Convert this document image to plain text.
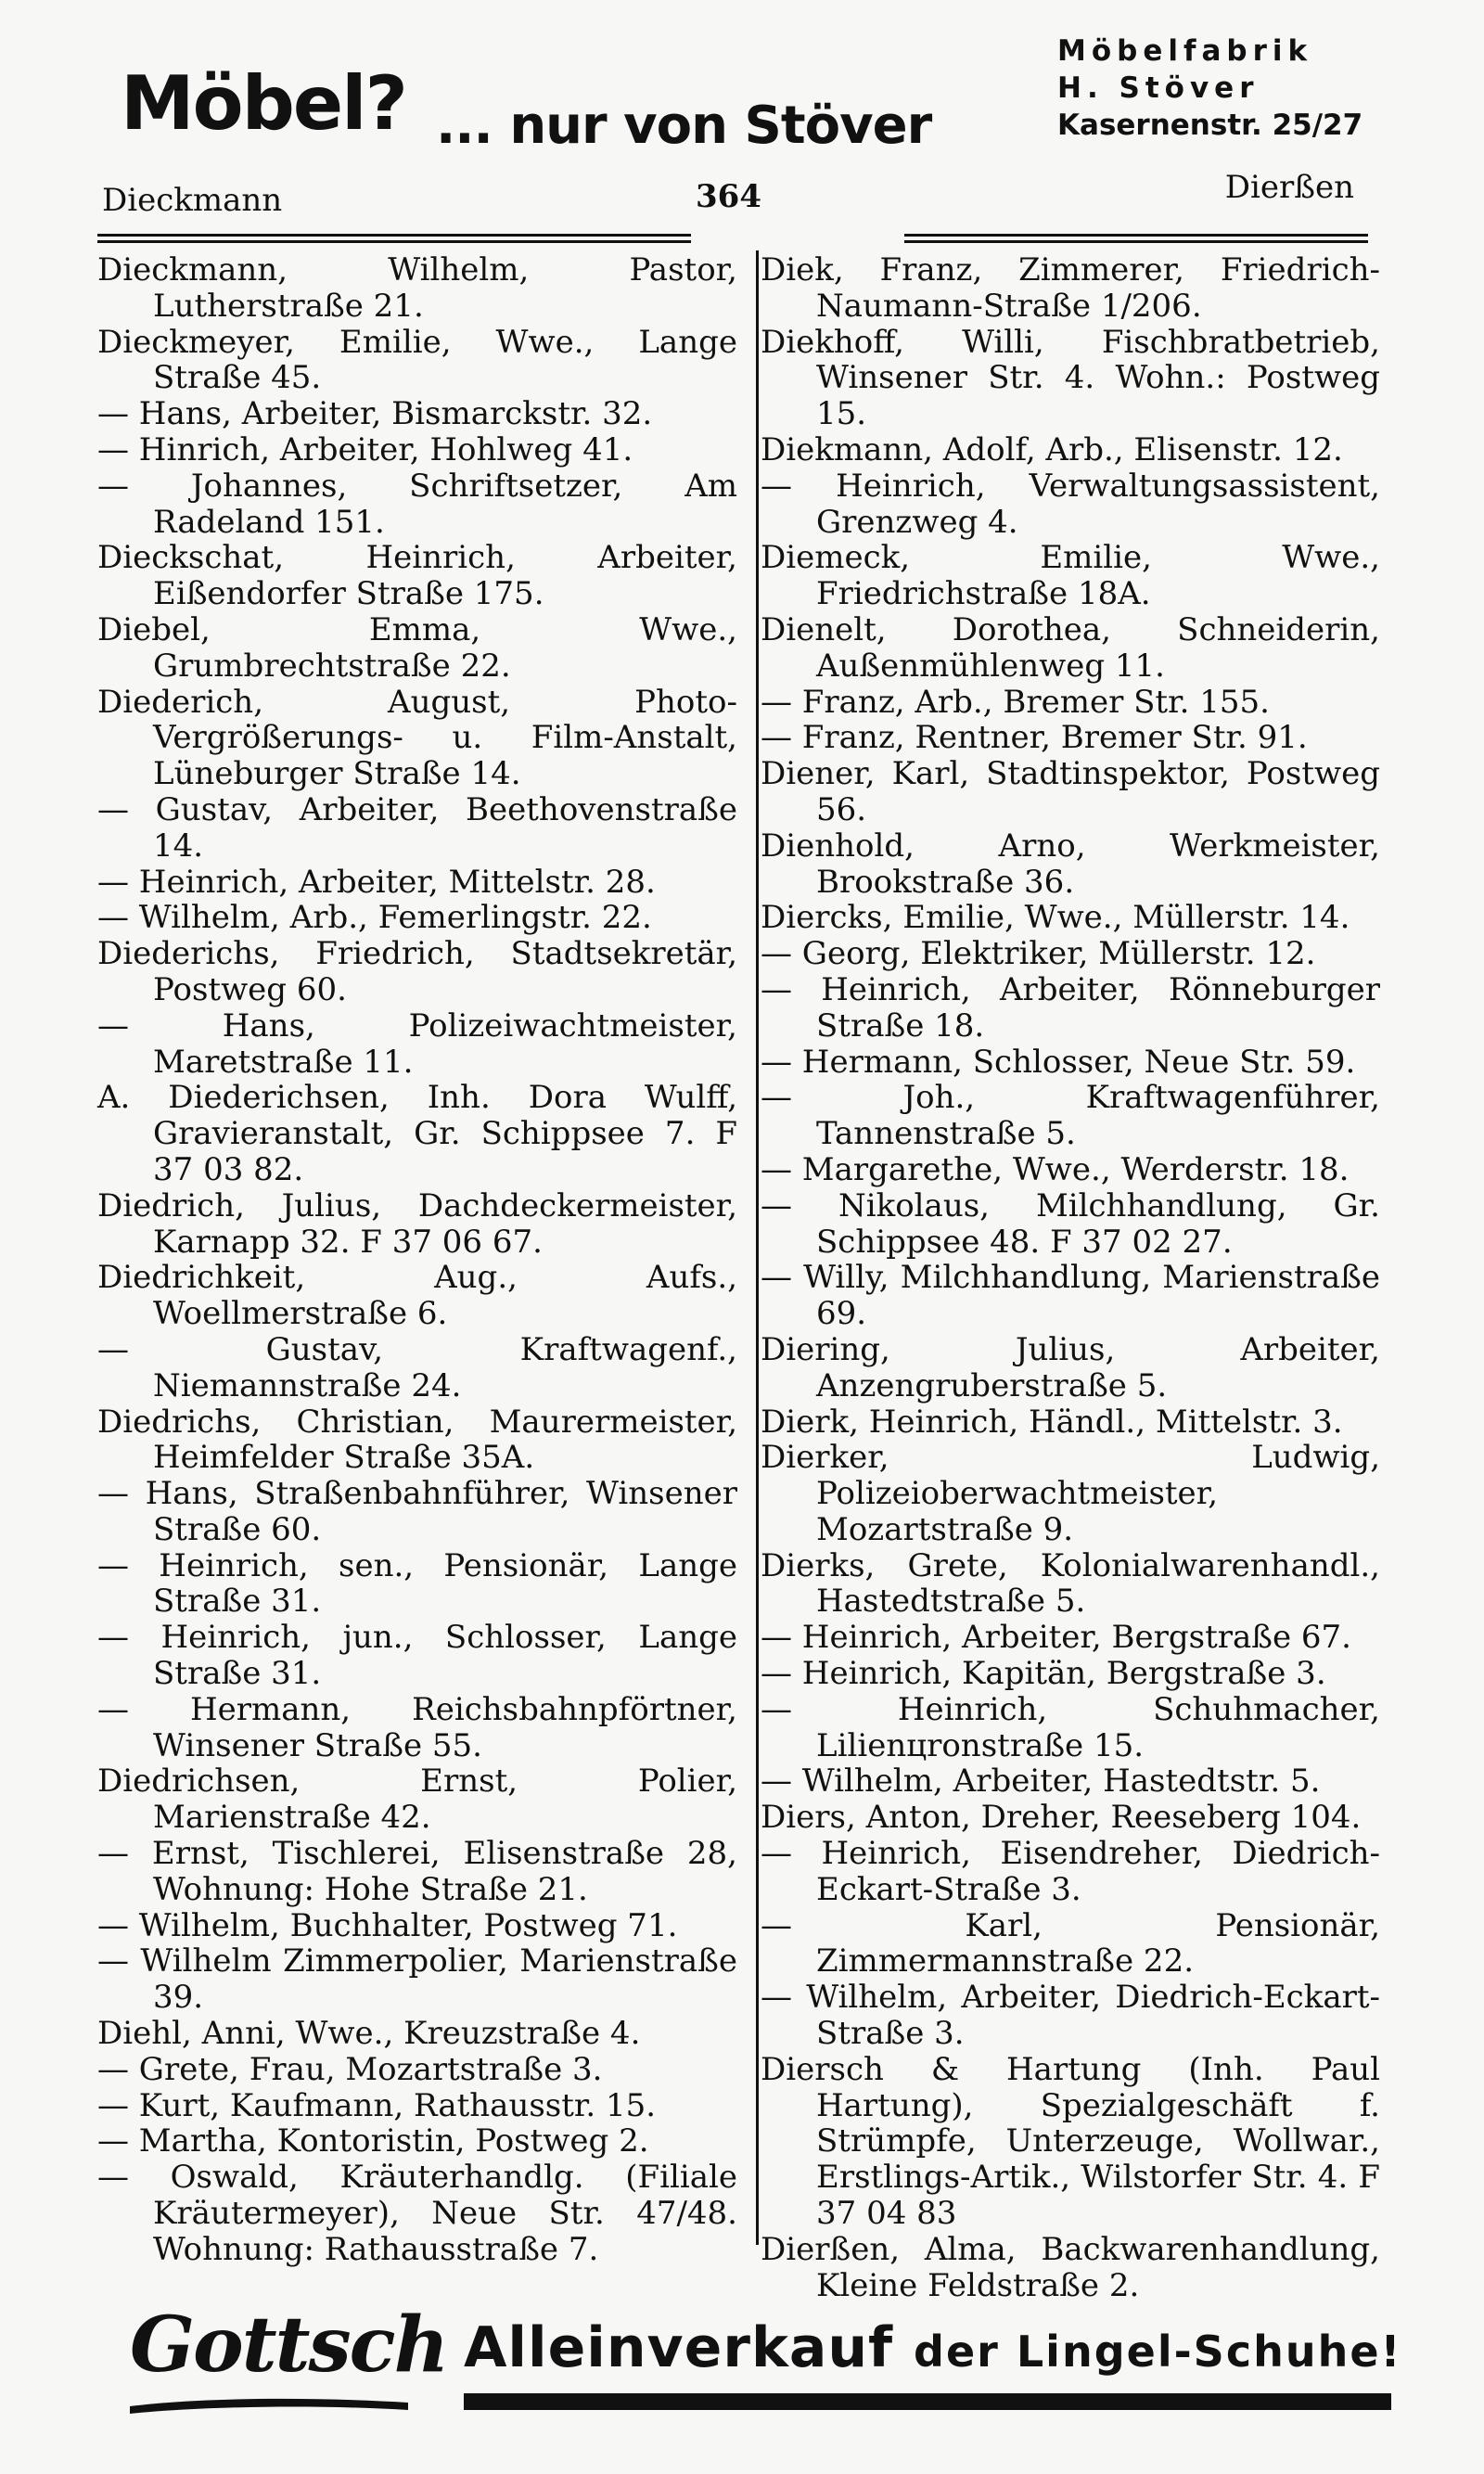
Möbel? ... nur von Stöver
Möbelfabrik
H. Stöver
Kasernenstr. 25/27
Dieckmann	364	Dierßen

Dieckmann, Wilhelm, Pastor, Lutherstraße 21.

Dieckmeyer, Emilie, Wwe., Lange Straße 45.

— Hans, Arbeiter, Bismarckstr. 32.

— Hinrich, Arbeiter, Hohlweg 41.

— Johannes, Schriftsetzer, Am Radeland 151.

Dieckschat, Heinrich, Arbeiter, Eißendorfer Straße 175.

Diebel, Emma, Wwe., Grumbrechtstraße 22.

Diederich, August, Photo-Vergrößerungs- u. Film-Anstalt, Lüneburger Straße 14.

— Gustav, Arbeiter, Beethovenstraße 14.

— Heinrich, Arbeiter, Mittelstr. 28.

— Wilhelm, Arb., Femerlingstr. 22.

Diederichs, Friedrich, Stadtsekretär, Postweg 60.

— Hans, Polizeiwachtmeister, Maretstraße 11.

A. Diederichsen, Inh. Dora Wulff, Gravieranstalt, Gr. Schippsee 7. F 37 03 82.

Diedrich, Julius, Dachdeckermeister, Karnapp 32. F 37 06 67.

Diedrichkeit, Aug., Aufs., Woellmerstraße 6.

— Gustav, Kraftwagenf., Niemannstraße 24.

Diedrichs, Christian, Maurermeister, Heimfelder Straße 35A.

— Hans, Straßenbahnführer, Winsener Straße 60.

— Heinrich, sen., Pensionär, Lange Straße 31.

— Heinrich, jun., Schlosser, Lange Straße 31.

— Hermann, Reichsbahnpförtner, Winsener Straße 55.

Diedrichsen, Ernst, Polier, Marienstraße 42.

— Ernst, Tischlerei, Elisenstraße 28, Wohnung: Hohe Straße 21.

— Wilhelm, Buchhalter, Postweg 71.

— Wilhelm Zimmerpolier, Marienstraße 39.

Diehl, Anni, Wwe., Kreuzstraße 4.

— Grete, Frau, Mozartstraße 3.

— Kurt, Kaufmann, Rathausstr. 15.

— Martha, Kontoristin, Postweg 2.

— Oswald, Kräuterhandlg. (Filiale Kräutermeyer), Neue Str. 47/48. Wohnung: Rathausstraße 7.

Diek, Franz, Zimmerer, Friedrich-Naumann-Straße 1/206.

Diekhoff, Willi, Fischbratbetrieb, Winsener Str. 4. Wohn.: Postweg 15.

Diekmann, Adolf, Arb., Elisenstr. 12.

— Heinrich, Verwaltungsassistent, Grenzweg 4.

Diemeck, Emilie, Wwe., Friedrichstraße 18A.

Dienelt, Dorothea, Schneiderin, Außenmühlenweg 11.

— Franz, Arb., Bremer Str. 155.

— Franz, Rentner, Bremer Str. 91.

Diener, Karl, Stadtinspektor, Postweg 56.

Dienhold, Arno, Werkmeister, Brookstraße 36.

Diercks, Emilie, Wwe., Müllerstr. 14.

— Georg, Elektriker, Müllerstr. 12.

— Heinrich, Arbeiter, Rönneburger Straße 18.

— Hermann, Schlosser, Neue Str. 59.

— Joh., Kraftwagenführer, Tannenstraße 5.

— Margarethe, Wwe., Werderstr. 18.

— Nikolaus, Milchhandlung, Gr. Schippsee 48. F 37 02 27.

— Willy, Milchhandlung, Marienstraße 69.

Diering, Julius, Arbeiter, Anzengruberstraße 5.

Dierk, Heinrich, Händl., Mittelstr. 3.

Dierker, Ludwig, Polizeioberwachtmeister, Mozartstraße 9.

Dierks, Grete, Kolonialwarenhandl., Hastedtstraße 5.

— Heinrich, Arbeiter, Bergstraße 67.

— Heinrich, Kapitän, Bergstraße 3.

— Heinrich, Schuhmacher, Lilienцronstraße 15.

— Wilhelm, Arbeiter, Hastedtstr. 5.

Diers, Anton, Dreher, Reeseberg 104.

— Heinrich, Eisendreher, Diedrich-Eckart-Straße 3.

— Karl, Pensionär, Zimmermannstraße 22.

— Wilhelm, Arbeiter, Diedrich-Eckart-Straße 3.

Diersch & Hartung (Inh. Paul Hartung), Spezialgeschäft f. Strümpfe, Unterzeuge, Wollwar., Erstlings-Artik., Wilstorfer Str. 4. F 37 04 83

Dierßen, Alma, Backwarenhandlung, Kleine Feldstraße 2.

Gottsch Alleinverkauf der Lingel-Schuhe!
